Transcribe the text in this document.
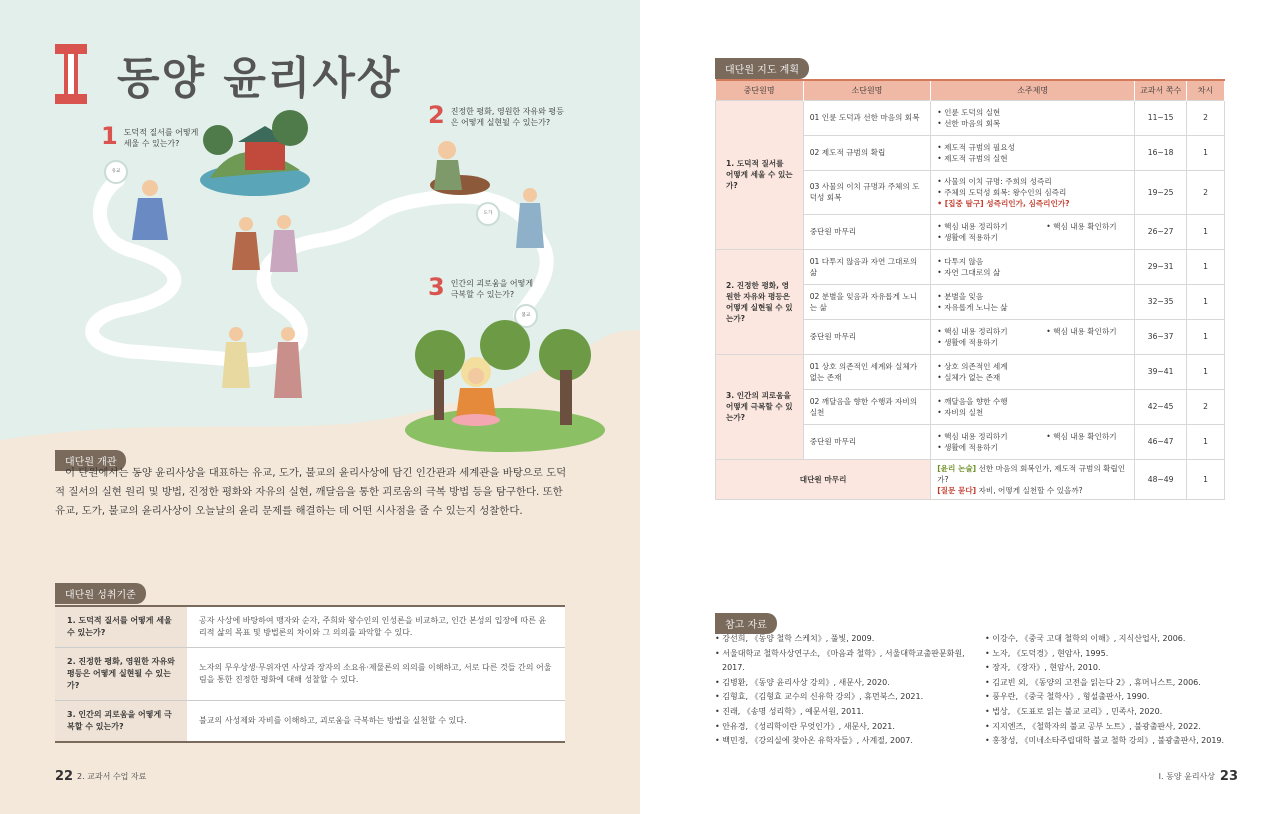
동양 윤리사상
1 도덕적 질서를 어떻게 세울 수 있는가?
2 진정한 평화, 영원한 자유와 평등은 어떻게 실현될 수 있는가?
3 인간의 괴로움을 어떻게 극복할 수 있는가?
유교
도가
불교
대단원 개관
이 단원에서는 동양 윤리사상을 대표하는 유교, 도가, 불교의 윤리사상에 담긴 인간관과 세계관을 바탕으로 도덕적 질서의 실현 원리 및 방법, 진정한 평화와 자유의 실현, 깨달음을 통한 괴로움의 극복 방법 등을 탐구한다. 또한 유교, 도가, 불교의 윤리사상이 오늘날의 윤리 문제를 해결하는 데 어떤 시사점을 줄 수 있는지 성찰한다.
대단원 성취기준
1. 도덕적 질서를 어떻게 세울 수 있는가?	공자 사상에 바탕하여 맹자와 순자, 주희와 왕수인의 인성론을 비교하고, 인간 본성의 입장에 따른 윤리적 삶의 목표 및 방법론의 차이와 그 의의를 파악할 수 있다.
2. 진정한 평화, 영원한 자유와 평등은 어떻게 실현될 수 있는가?	노자의 무우상생·무위자연 사상과 장자의 소요유·제물론의 의의를 이해하고, 서로 다른 것들 간의 어울림을 통한 진정한 평화에 대해 성찰할 수 있다.
3. 인간의 괴로움을 어떻게 극복할 수 있는가?	불교의 사성제와 자비를 이해하고, 괴로움을 극복하는 방법을 실천할 수 있다.
22 2. 교과서 수업 자료
대단원 지도 계획
중단원명	소단원명	소주제명	교과서 쪽수	차시
1. 도덕적 질서를 어떻게 세울 수 있는가?	01 인륜 도덕과 선한 마음의 회복	• 인륜 도덕의 실현
• 선한 마음의 회복	11~15	2
	02 제도적 규범의 확립	• 제도적 규범의 필요성
• 제도적 규범의 실현	16~18	1
	03 사물의 이치 규명과 주체의 도덕성 회복	• 사물의 이치 규명: 주희의 성즉리
• 주체의 도덕성 회복: 왕수인의 심즉리
• [집중 탐구] 성즉리인가, 심즉리인가?	19~25	2
	중단원 마무리	• 핵심 내용 정리하기                • 핵심 내용 확인하기
• 생활에 적용하기	26~27	1
2. 진정한 평화, 영원한 자유와 평등은 어떻게 실현될 수 있는가?	01 다투지 않음과 자연 그대로의 삶	• 다투지 않음
• 자연 그대로의 삶	29~31	1
	02 분별을 잊음과 자유롭게 노니는 삶	• 분별을 잊음
• 자유롭게 노니는 삶	32~35	1
	중단원 마무리	• 핵심 내용 정리하기                • 핵심 내용 확인하기
• 생활에 적용하기	36~37	1
3. 인간의 괴로움을 어떻게 극복할 수 있는가?	01 상호 의존적인 세계와 실체가 없는 존재	• 상호 의존적인 세계
• 실체가 없는 존재	39~41	1
	02 깨달음을 향한 수행과 자비의 실천	• 깨달음을 향한 수행
• 자비의 실천	42~45	2
	중단원 마무리	• 핵심 내용 정리하기                • 핵심 내용 확인하기
• 생활에 적용하기	46~47	1
대단원 마무리		[윤리 논술] 선한 마음의 회복인가, 제도적 규범의 확립인가?
[질문 묻다] 자비, 어떻게 실천할 수 있을까?	48~49	1
참고 자료
• 강선희, 《동양 철학 스케치》, 풀빛, 2009.
• 서울대학교 철학사상연구소, 《마음과 철학》, 서울대학교출판문화원, 2017.
• 김병환, 《동양 윤리사상 강의》, 새문사, 2020.
• 김형효, 《김형효 교수의 신유학 강의》, 휴먼북스, 2021.
• 진래, 《송명 성리학》, 예문서원, 2011.
• 안유경, 《성리학이란 무엇인가》, 새문사, 2021.
• 백민정, 《강의실에 찾아온 유학자들》, 사계절, 2007.
• 이강수, 《중국 고대 철학의 이해》, 지식산업사, 2006.
• 노자, 《도덕경》, 현암사, 1995.
• 장자, 《장자》, 현암사, 2010.
• 김교빈 외, 《동양의 고전을 읽는다 2》, 휴머니스트, 2006.
• 풍우란, 《중국 철학사》, 형설출판사, 1990.
• 법상, 《도표로 읽는 불교 교리》, 민족사, 2020.
• 지지엔즈, 《철학자의 불교 공부 노트》, 불광출판사, 2022.
• 홍창성, 《미네소타주립대학 불교 철학 강의》, 불광출판사, 2019.
I. 동양 윤리사상 23
